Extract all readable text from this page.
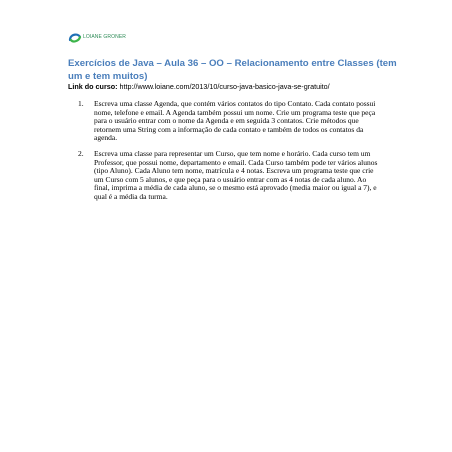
LOIANE GRONER
Exercícios de Java – Aula 36 – OO – Relacionamento entre Classes (tem um e tem muitos)
Link do curso: http://www.loiane.com/2013/10/curso-java-basico-java-se-gratuito/
1. Escreva uma classe Agenda, que contém vários contatos do tipo Contato. Cada contato possui nome, telefone e email. A Agenda também possui um nome. Crie um programa teste que peça para o usuário entrar com o nome da Agenda e em seguida 3 contatos. Crie métodos que retornem uma String com a informação de cada contato e também de todos os contatos da agenda.
2. Escreva uma classe para representar um Curso, que tem nome e horário. Cada curso tem um Professor, que possui nome, departamento e email. Cada Curso também pode ter vários alunos (tipo Aluno). Cada Aluno tem nome, matrícula e 4 notas. Escreva um programa teste que crie um Curso com 5 alunos, e que peça para o usuário entrar com as 4 notas de cada aluno. Ao final, imprima a média de cada aluno, se o mesmo está aprovado (media maior ou igual a 7), e qual é a média da turma.
